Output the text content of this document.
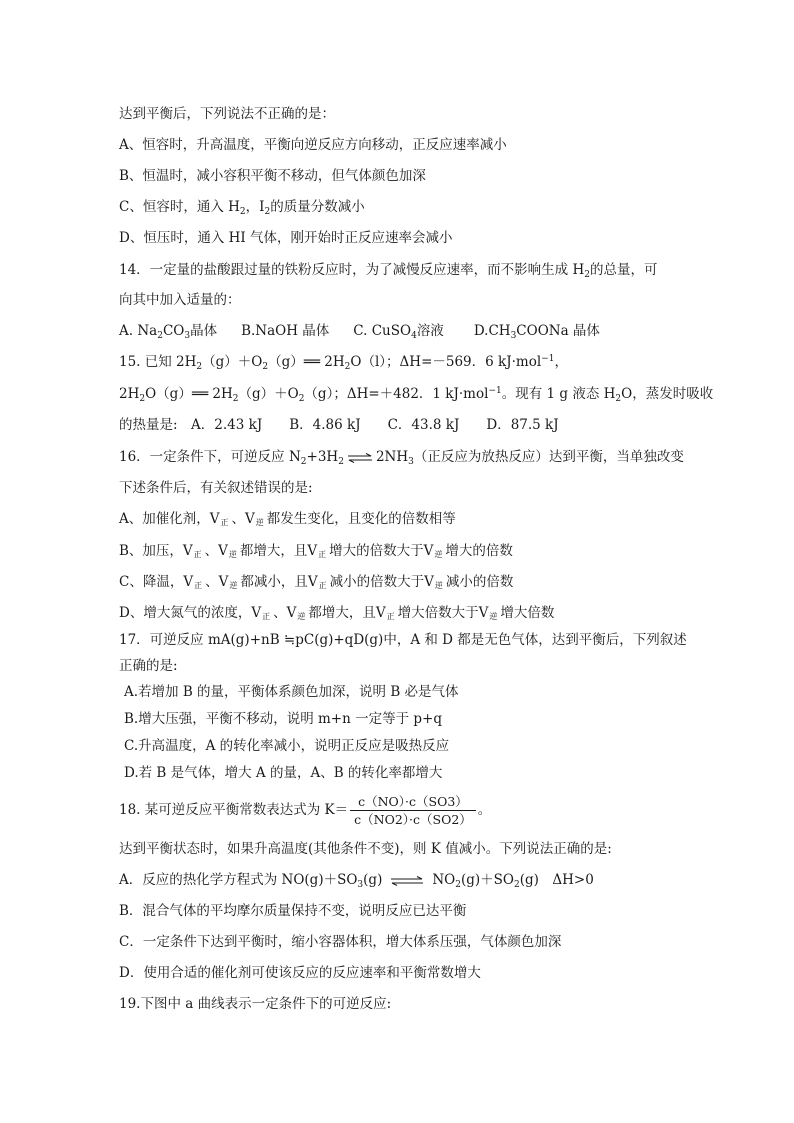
达到平衡后，下列说法不正确的是：
A、恒容时，升高温度，平衡向逆反应方向移动，正反应速率减小
B、恒温时，减小容积平衡不移动，但气体颜色加深
C、恒容时，通入 $H_2$，$I_2$的质量分数减小
D、恒压时，通入 HI 气体，刚开始时正反应速率会减小
14．一定量的盐酸跟过量的铁粉反应时，为了减慢反应速率，而不影响生成 $H_2$的总量，可
向其中加入适量的：
A. $Na_2CO_3$晶体 B.NaOH 晶体 C. CuSO$_4$溶液 $D.CH_3COONa$ 晶体
15. 已知 $2H_2(g)+O_2(g)══$ $2H_2O(l)$；ΔH=－569．6 kJ·mol$^{-1}$，
$2H_2O(g)══$ $2H_2(g)+O_2(g)$；ΔH=＋482．1 kJ·mol$^{-1}$。现有 1 g 液态 $H_2O$，蒸发时吸收
的热量是:　A．2.43 kJ　　B．4.86 kJ　　C．43.8 kJ　　D．87.5 kJ
16．一定条件下，可逆反应 $N_2+3H_2$ ⇌ $2NH_3$（正反应为放热反应）达到平衡，当单独改变
下述条件后，有关叙述错误的是:
A、加催化剂，V正 、V逆 都发生变化，且变化的倍数相等
B、加压，V正 、V逆 都增大，且V正 增大的倍数大于V逆 增大的倍数
C、降温，V正 、V逆 都减小，且V正 减小的倍数大于V逆 减小的倍数
D、增大氮气的浓度，V正 、V逆 都增大，且V正 增大倍数大于V逆 增大倍数
17．可逆反应 mA(g)+nB ≒pC(g)+qD(g)中，A 和 D 都是无色气体，达到平衡后，下列叙述
正确的是:
A.若增加 B 的量，平衡体系颜色加深，说明 B 必是气体
B.增大压强，平衡不移动，说明 m+n 一定等于 p+q
C.升高温度，A 的转化率减小，说明正反应是吸热反应
D.若 B 是气体，增大 A 的量，A、B 的转化率都增大
18. 某可逆反应平衡常数表达式为 $K= \frac{c(NO)\cdot c(SO3)}{c(NO2)\cdot c(SO2)}$ 。
达到平衡状态时，如果升高温度(其他条件不变)，则 K 值减小。下列说法正确的是:
A．反应的热化学方程式为 $NO(g)+SO_3(g)$ ⇌ $NO_2(g)+SO_2(g)$　ΔH>0
B．混合气体的平均摩尔质量保持不变，说明反应已达平衡
C．一定条件下达到平衡时，缩小容器体积，增大体系压强，气体颜色加深
D．使用合适的催化剂可使该反应的反应速率和平衡常数增大
19.下图中 a 曲线表示一定条件下的可逆反应:
